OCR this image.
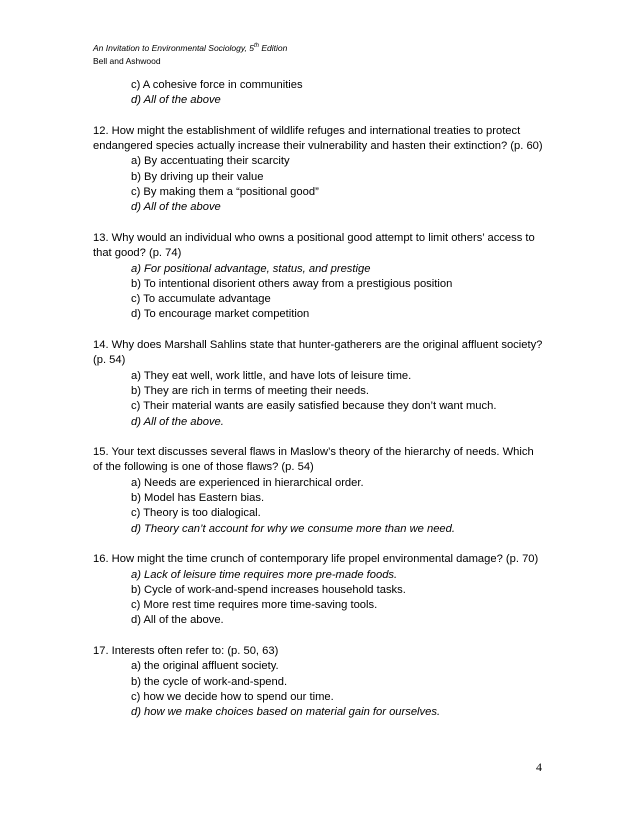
An Invitation to Environmental Sociology, 5th Edition
Bell and Ashwood

c) A cohesive force in communities

d) All of the above

12. How might the establishment of wildlife refuges and international treaties to protect endangered species actually increase their vulnerability and hasten their extinction? (p. 60)

a) By accentuating their scarcity

b) By driving up their value

c) By making them a “positional good”

d) All of the above

13. Why would an individual who owns a positional good attempt to limit others’ access to that good? (p. 74)

a) For positional advantage, status, and prestige

b) To intentional disorient others away from a prestigious position

c) To accumulate advantage

d) To encourage market competition

14. Why does Marshall Sahlins state that hunter-gatherers are the original affluent society? (p. 54)

a) They eat well, work little, and have lots of leisure time.

b) They are rich in terms of meeting their needs.

c) Their material wants are easily satisfied because they don’t want much.

d) All of the above.

15. Your text discusses several flaws in Maslow’s theory of the hierarchy of needs. Which of the following is one of those flaws? (p. 54)

a) Needs are experienced in hierarchical order.

b) Model has Eastern bias.

c) Theory is too dialogical.

d) Theory can’t account for why we consume more than we need.

16. How might the time crunch of contemporary life propel environmental damage? (p. 70)

a) Lack of leisure time requires more pre-made foods.

b) Cycle of work-and-spend increases household tasks.

c) More rest time requires more time-saving tools.

d) All of the above.

17. Interests often refer to: (p. 50, 63)

a) the original affluent society.

b) the cycle of work-and-spend.

c) how we decide how to spend our time.

d) how we make choices based on material gain for ourselves.

4
